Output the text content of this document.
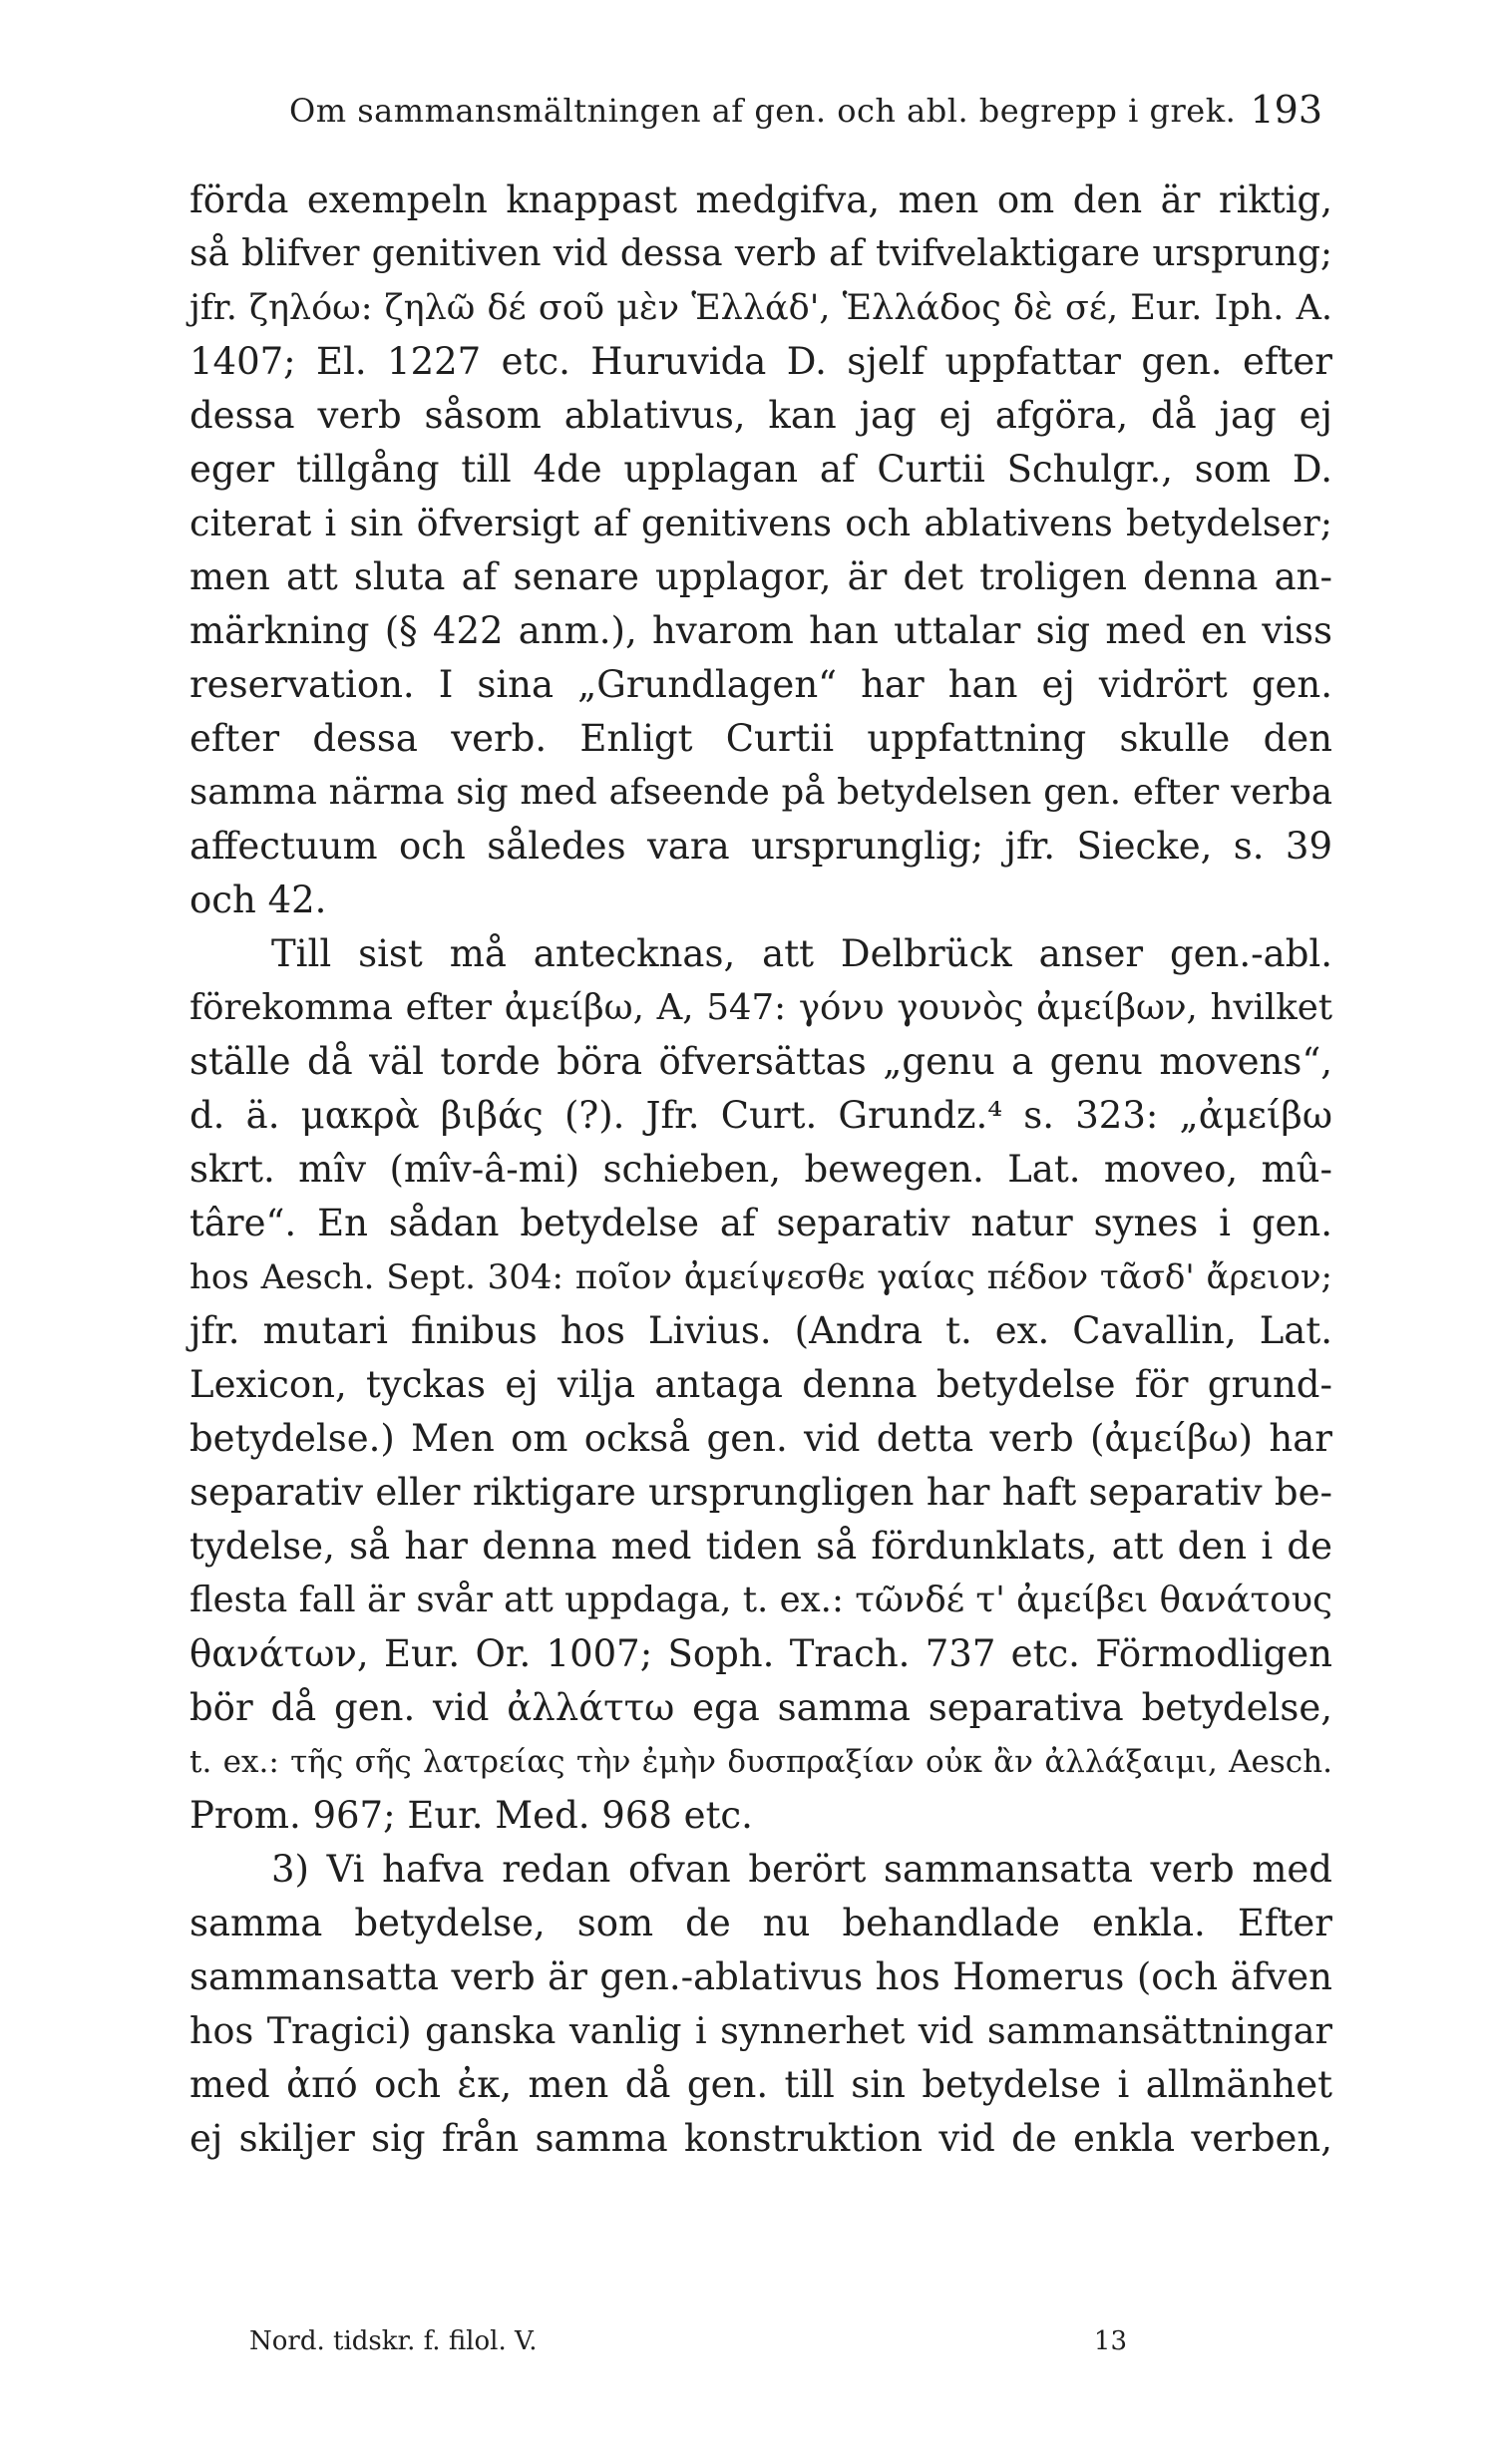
Om sammansmältningen af gen. och abl. begrepp i grek. 193
förda exempeln knappast medgifva, men om den är riktig,
så blifver genitiven vid dessa verb af tvifvelaktigare ursprung;
jfr. ζηλόω: ζηλῶ δέ σοῦ μὲν Ἑλλάδ', Ἑλλάδος δὲ σέ, Eur. Iph. A.
1407; El. 1227 etc. Huruvida D. sjelf uppfattar gen. efter
dessa verb såsom ablativus, kan jag ej afgöra, då jag ej
eger tillgång till 4de upplagan af Curtii Schulgr., som D.
citerat i sin öfversigt af genitivens och ablativens betydelser;
men att sluta af senare upplagor, är det troligen denna an-
märkning (§ 422 anm.), hvarom han uttalar sig med en viss
reservation. I sina „Grundlagen“ har han ej vidrört gen.
efter dessa verb. Enligt Curtii uppfattning skulle den
samma närma sig med afseende på betydelsen gen. efter verba
affectuum och således vara ursprunglig; jfr. Siecke, s. 39
och 42.
Till sist må antecknas, att Delbrück anser gen.-abl.
förekomma efter ἀμείβω, Α, 547: γόνυ γουνὸς ἀμείβων, hvilket
ställe då väl torde böra öfversättas „genu a genu movens“,
d. ä. μακρὰ βιβάς (?). Jfr. Curt. Grundz.⁴ s. 323: „ἀμείβω
skrt. mîv (mîv-â-mi) schieben, bewegen. Lat. moveo, mû-
târe“. En sådan betydelse af separativ natur synes i gen.
hos Aesch. Sept. 304: ποῖον ἀμείψεσθε γαίας πέδον τᾶσδ' ἄρειον;
jfr. mutari finibus hos Livius. (Andra t. ex. Cavallin, Lat.
Lexicon, tyckas ej vilja antaga denna betydelse för grund-
betydelse.) Men om också gen. vid detta verb (ἀμείβω) har
separativ eller riktigare ursprungligen har haft separativ be-
tydelse, så har denna med tiden så fördunklats, att den i de
flesta fall är svår att uppdaga, t. ex.: τῶνδέ τ' ἀμείβει θανάτους
θανάτων, Eur. Or. 1007; Soph. Trach. 737 etc. Förmodligen
bör då gen. vid ἀλλάττω ega samma separativa betydelse,
t. ex.: τῆς σῆς λατρείας τὴν ἐμὴν δυσπραξίαν οὐκ ἂν ἀλλάξαιμι, Aesch.
Prom. 967; Eur. Med. 968 etc.
3) Vi hafva redan ofvan berört sammansatta verb med
samma betydelse, som de nu behandlade enkla. Efter
sammansatta verb är gen.-ablativus hos Homerus (och äfven
hos Tragici) ganska vanlig i synnerhet vid sammansättningar
med ἀπό och ἐκ, men då gen. till sin betydelse i allmänhet
ej skiljer sig från samma konstruktion vid de enkla verben,
Nord. tidskr. f. filol. V.	13
